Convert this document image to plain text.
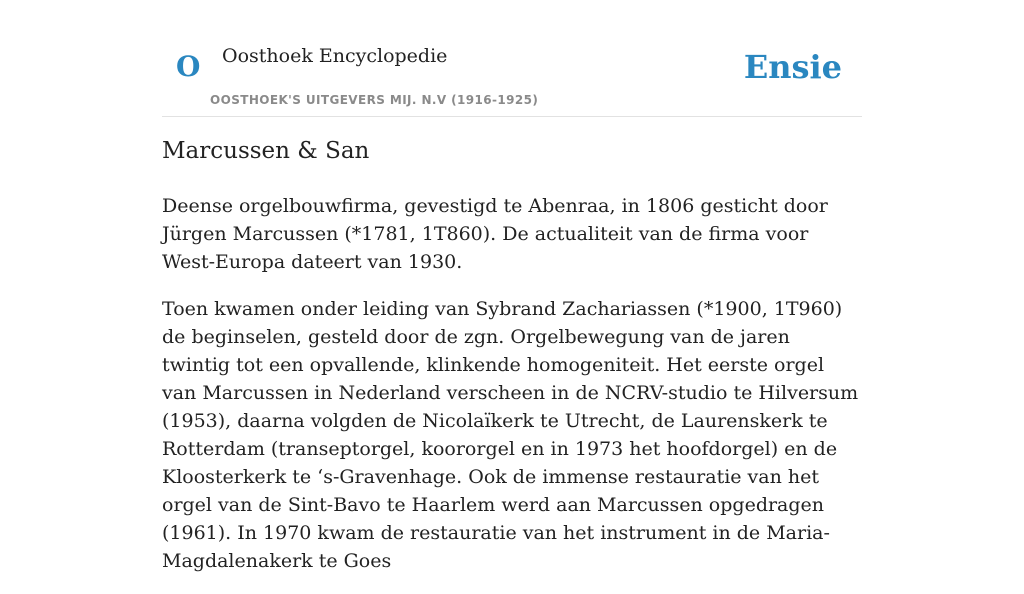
O Oosthoek Encyclopedie
OOSTHOEK'S UITGEVERS MIJ. N.V (1916-1925)
Ensie
Marcussen & San

Deense orgelbouwfirma, gevestigd te Abenraa, in 1806 gesticht door Jürgen Marcussen (*1781, 1T860). De actualiteit van de firma voor West-Europa dateert van 1930.

Toen kwamen onder leiding van Sybrand Zachariassen (*1900, 1T960) de beginselen, gesteld door de zgn. Orgelbewegung van de jaren twintig tot een opvallende, klinkende homogeniteit. Het eerste orgel van Marcussen in Nederland verscheen in de NCRV-studio te Hilversum (1953), daarna volgden de Nicolaïkerk te Utrecht, de Laurenskerk te Rotterdam (transeptorgel, koororgel en in 1973 het hoofdorgel) en de Kloosterkerk te ‘s-Gravenhage. Ook de immense restauratie van het orgel van de Sint-Bavo te Haarlem werd aan Marcussen opgedragen (1961). In 1970 kwam de restauratie van het instrument in de Maria-Magdalenakerk te Goes
